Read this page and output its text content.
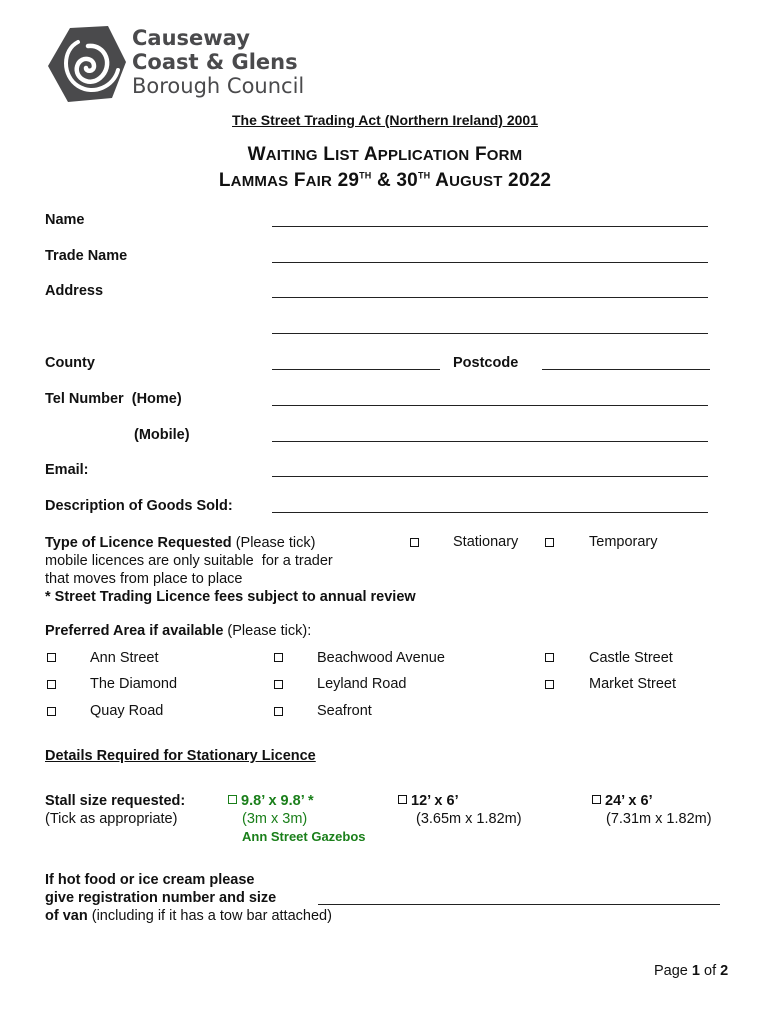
Causeway
Coast & Glens
Borough Council
The Street Trading Act (Northern Ireland) 2001
WAITING LIST APPLICATION FORM
LAMMAS FAIR 29TH & 30TH AUGUST 2022
Name
Trade Name
Address
County	Postcode
Tel Number  (Home)
(Mobile)
Email:
Description of Goods Sold:
Type of Licence Requested (Please tick)
mobile licences are only suitable  for a trader
that moves from place to place
* Street Trading Licence fees subject to annual review
Stationary	Temporary
Preferred Area if available (Please tick):
Ann Street	Beachwood Avenue	Castle Street
The Diamond	Leyland Road	Market Street
Quay Road	Seafront
Details Required for Stationary Licence
Stall size requested:
(Tick as appropriate)
9.8’ x 9.8’ *
(3m x 3m)
Ann Street Gazebos
12’ x 6’
(3.65m x 1.82m)
24’ x 6’
(7.31m x 1.82m)
If hot food or ice cream please
give registration number and size
of van (including if it has a tow bar attached)
Page 1 of 2
